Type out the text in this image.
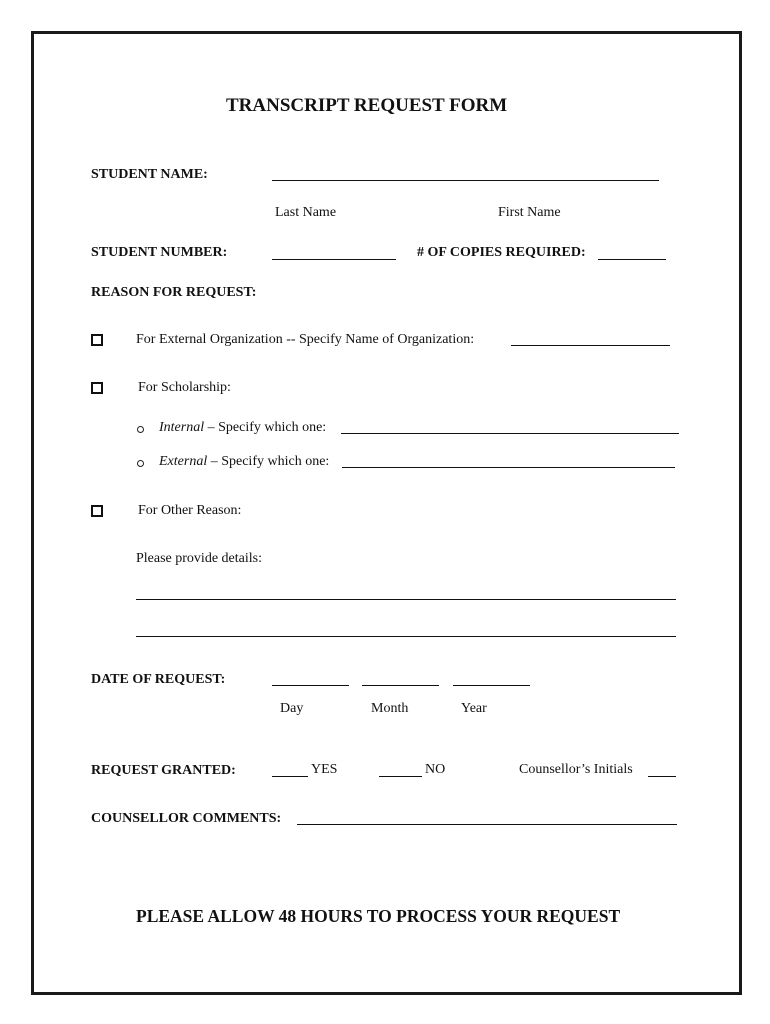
TRANSCRIPT REQUEST FORM
STUDENT NAME:
Last Name	First Name
STUDENT NUMBER:	# OF COPIES REQUIRED:
REASON FOR REQUEST:
For External Organization -- Specify Name of Organization:
For Scholarship:
Internal – Specify which one:
External – Specify which one:
For Other Reason:
Please provide details:
DATE OF REQUEST:
Day	Month	Year
REQUEST GRANTED:	YES	NO	Counsellor’s Initials
COUNSELLOR COMMENTS:
PLEASE ALLOW 48 HOURS TO PROCESS YOUR REQUEST
